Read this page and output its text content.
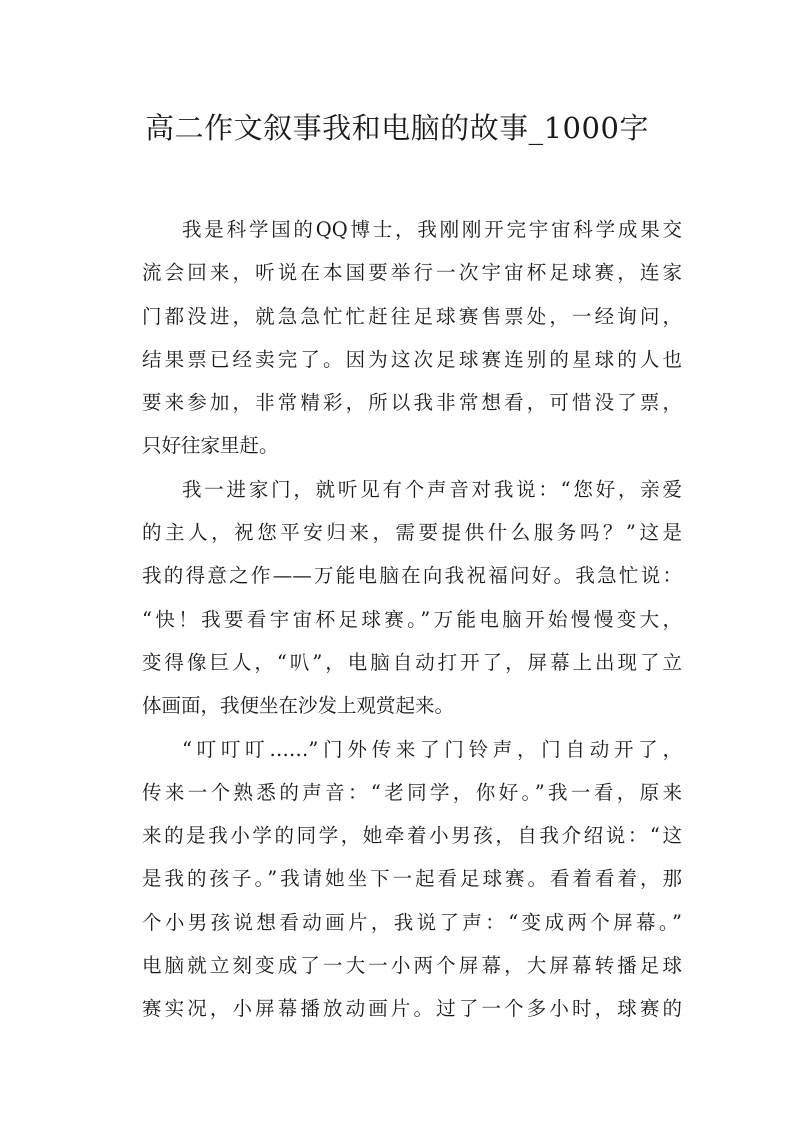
高二作文叙事我和电脑的故事_1000字
我是科学国的QQ博士，我刚刚开完宇宙科学成果交
流会回来，听说在本国要举行一次宇宙杯足球赛，连家
门都没进，就急急忙忙赶往足球赛售票处，一经询问，
结果票已经卖完了。因为这次足球赛连别的星球的人也
要来参加，非常精彩，所以我非常想看，可惜没了票，
只好往家里赶。
我一进家门，就听见有个声音对我说：“您好，亲爱
的主人，祝您平安归来，需要提供什么服务吗？”这是
我的得意之作——万能电脑在向我祝福问好。我急忙说：
“快！我要看宇宙杯足球赛。”万能电脑开始慢慢变大，
变得像巨人，“叭”，电脑自动打开了，屏幕上出现了立
体画面，我便坐在沙发上观赏起来。
“叮叮叮……”门外传来了门铃声，门自动开了，
传来一个熟悉的声音：“老同学，你好。”我一看，原来
来的是我小学的同学，她牵着小男孩，自我介绍说：“这
是我的孩子。”我请她坐下一起看足球赛。看着看着，那
个小男孩说想看动画片，我说了声：“变成两个屏幕。”
电脑就立刻变成了一大一小两个屏幕，大屏幕转播足球
赛实况，小屏幕播放动画片。过了一个多小时，球赛的
